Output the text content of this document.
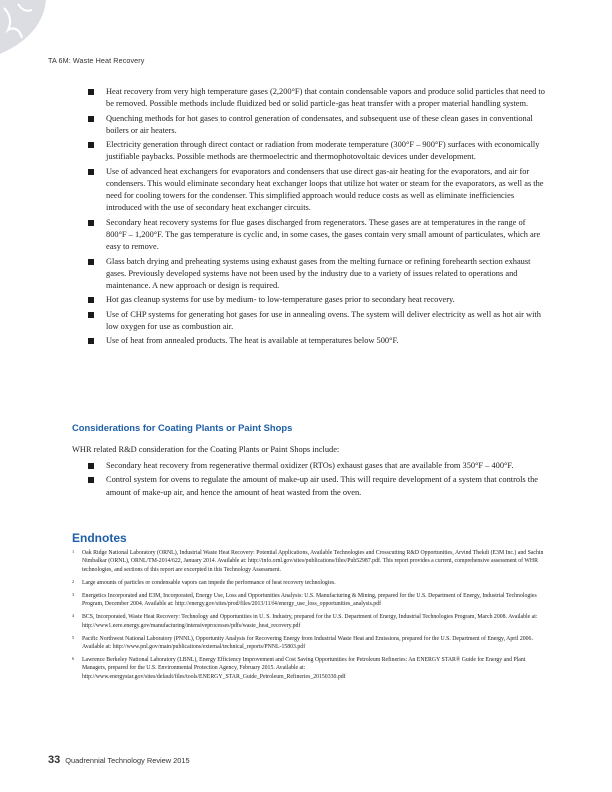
TA 6M: Waste Heat Recovery
Heat recovery from very high temperature gases (2,200°F) that contain condensable vapors and produce solid particles that need to be removed. Possible methods include fluidized bed or solid particle-gas heat transfer with a proper material handling system.
Quenching methods for hot gases to control generation of condensates, and subsequent use of these clean gases in conventional boilers or air heaters.
Electricity generation through direct contact or radiation from moderate temperature (300°F – 900°F) surfaces with economically justifiable paybacks. Possible methods are thermoelectric and thermophotovoltaic devices under development.
Use of advanced heat exchangers for evaporators and condensers that use direct gas-air heating for the evaporators, and air for condensers. This would eliminate secondary heat exchanger loops that utilize hot water or steam for the evaporators, as well as the need for cooling towers for the condenser. This simplified approach would reduce costs as well as eliminate inefficiencies introduced with the use of secondary heat exchanger circuits.
Secondary heat recovery systems for flue gases discharged from regenerators. These gases are at temperatures in the range of 800°F – 1,200°F. The gas temperature is cyclic and, in some cases, the gases contain very small amount of particulates, which are easy to remove.
Glass batch drying and preheating systems using exhaust gases from the melting furnace or refining forehearth section exhaust gases. Previously developed systems have not been used by the industry due to a variety of issues related to operations and maintenance. A new approach or design is required.
Hot gas cleanup systems for use by medium- to low-temperature gases prior to secondary heat recovery.
Use of CHP systems for generating hot gases for use in annealing ovens. The system will deliver electricity as well as hot air with low oxygen for use as combustion air.
Use of heat from annealed products. The heat is available at temperatures below 500°F.
Considerations for Coating Plants or Paint Shops

WHR related R&D consideration for the Coating Plants or Paint Shops include:

Secondary heat recovery from regenerative thermal oxidizer (RTOs) exhaust gases that are available from 350°F – 400°F.
Control system for ovens to regulate the amount of make-up air used. This will require development of a system that controls the amount of make-up air, and hence the amount of heat wasted from the oven.
Endnotes
1 Oak Ridge National Laboratory (ORNL), Industrial Waste Heat Recovery: Potential Applications, Available Technologies and Crosscutting R&D Opportunities, Arvind Thekdi (E3M Inc.) and Sachin Nimbalkar (ORNL), ORNL/TM-2014/622, January 2014. Available at: http://info.ornl.gov/sites/publications/files/Pub52987.pdf. This report provides a current, comprehensive assessment of WHR technologies, and sections of this report are excerpted in this Technology Assessment.
2 Large amounts of particles or condensable vapors can impede the performance of heat recovery technologies.
3 Energetics Incorporated and E3M, Incorporated, Energy Use, Loss and Opportunities Analysis: U.S. Manufacturing & Mining, prepared for the U.S. Department of Energy, Industrial Technologies Program, December 2004. Available at: http://energy.gov/sites/prod/files/2013/11/f4/energy_use_loss_opportunities_analysis.pdf
4 BCS, Incorporated, Waste Heat Recovery: Technology and Opportunities in U. S. Industry, prepared for the U.S. Department of Energy, Industrial Technologies Program, March 2008. Available at: http://www1.eere.energy.gov/manufacturing/intensiveprocesses/pdfs/waste_heat_recovery.pdf
5 Pacific Northwest National Laboratory (PNNL), Opportunity Analysis for Recovering Energy from Industrial Waste Heat and Emissions, prepared for the U.S. Department of Energy, April 2006. Available at: http://www.pnl.gov/main/publications/external/technical_reports/PNNL-15803.pdf
6 Lawrence Berkeley National Laboratory (LBNL), Energy Efficiency Improvement and Cost Saving Opportunities for Petroleum Refineries: An ENERGY STAR® Guide for Energy and Plant Managers, prepared for the U.S. Environmental Protection Agency, February 2015. Available at: http://www.energystar.gov/sites/default/files/tools/ENERGY_STAR_Guide_Petroleum_Refineries_20150330.pdf
33 Quadrennial Technology Review 2015
